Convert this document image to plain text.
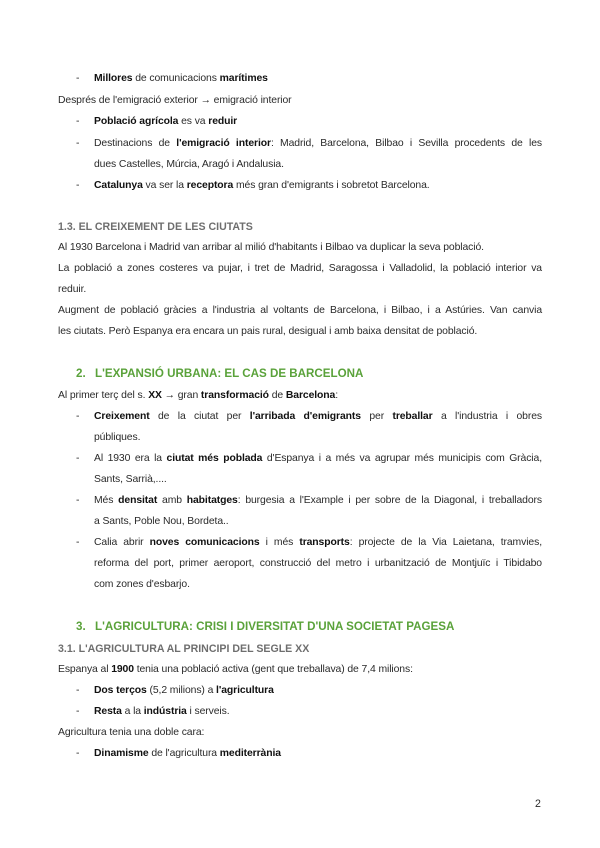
- Millores de comunicacions marítimes
Després de l'emigració exterior → emigració interior
- Població agrícola es va reduir
- Destinacions de l'emigració interior: Madrid, Barcelona, Bilbao i Sevilla procedents de les
dues Castelles, Múrcia, Aragó i Andalusia.
- Catalunya va ser la receptora més gran d'emigrants i sobretot Barcelona.
1.3. EL CREIXEMENT DE LES CIUTATS
Al 1930 Barcelona i Madrid van arribar al milió d'habitants i Bilbao va duplicar la seva població.
La població a zones costeres va pujar, i tret de Madrid, Saragossa i Valladolid, la població interior va
reduir.
Augment de població gràcies a l'industria al voltants de Barcelona, i Bilbao, i a Astúries. Van canvia
les ciutats. Però Espanya era encara un pais rural, desigual i amb baixa densitat de població.
2. L'EXPANSIÓ URBANA: EL CAS DE BARCELONA
Al primer terç del s. XX → gran transformació de Barcelona:
- Creixement de la ciutat per l'arribada d'emigrants per treballar a l'industria i obres
públiques.
- Al 1930 era la ciutat més poblada d'Espanya i a més va agrupar més municipis com Gràcia,
Sants, Sarrià,....
- Més densitat amb habitatges: burgesia a l'Example i per sobre de la Diagonal, i treballadors
a Sants, Poble Nou, Bordeta..
- Calia abrir noves comunicacions i més transports: projecte de la Via Laietana, tramvies,
reforma del port, primer aeroport, construcció del metro i urbanització de Montjuïc i Tibidabo
com zones d'esbarjo.
3. L'AGRICULTURA: CRISI I DIVERSITAT D'UNA SOCIETAT PAGESA
3.1. L'AGRICULTURA AL PRINCIPI DEL SEGLE XX
Espanya al 1900 tenia una població activa (gent que treballava) de 7,4 milions:
- Dos terços (5,2 milions) a l'agricultura
- Resta a la indústria i serveis.
Agricultura tenia una doble cara:
- Dinamisme de l'agricultura mediterrània
2
